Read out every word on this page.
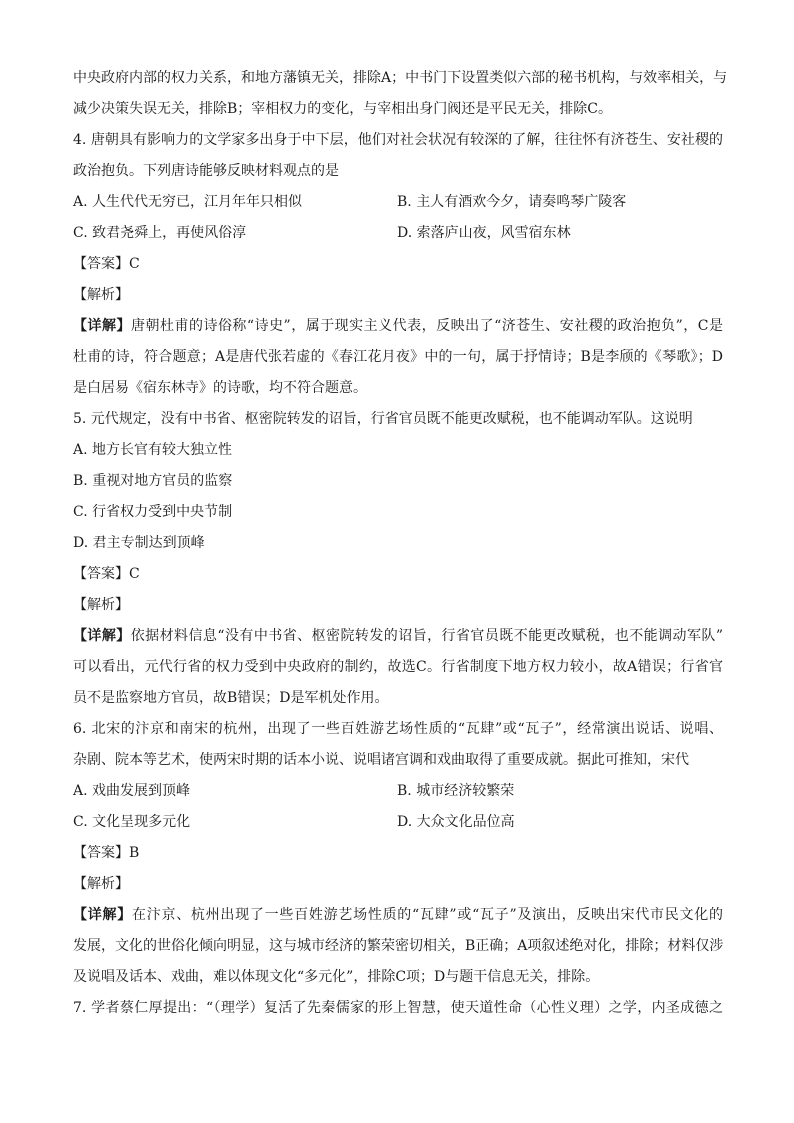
中央政府内部的权力关系，和地方藩镇无关，排除A；中书门下设置类似六部的秘书机构，与效率相关，与
减少决策失误无关，排除B；宰相权力的变化，与宰相出身门阀还是平民无关，排除C。
4. 唐朝具有影响力的文学家多出身于中下层，他们对社会状况有较深的了解，往往怀有济苍生、安社稷的
政治抱负。下列唐诗能够反映材料观点的是
A. 人生代代无穷已，江月年年只相似	B. 主人有酒欢今夕，请奏鸣琴广陵客
C. 致君尧舜上，再使风俗淳	D. 索落庐山夜，风雪宿东林
【答案】C
【解析】
【详解】唐朝杜甫的诗俗称“诗史”，属于现实主义代表，反映出了“济苍生、安社稷的政治抱负”，C是
杜甫的诗，符合题意；A是唐代张若虚的《春江花月夜》中的一句，属于抒情诗；B是李颀的《琴歌》；D
是白居易《宿东林寺》的诗歌，均不符合题意。
5. 元代规定，没有中书省、枢密院转发的诏旨，行省官员既不能更改赋税，也不能调动军队。这说明
A. 地方长官有较大独立性
B. 重视对地方官员的监察
C. 行省权力受到中央节制
D. 君主专制达到顶峰
【答案】C
【解析】
【详解】依据材料信息“没有中书省、枢密院转发的诏旨，行省官员既不能更改赋税，也不能调动军队”
可以看出，元代行省的权力受到中央政府的制约，故选C。行省制度下地方权力较小，故A错误；行省官
员不是监察地方官员，故B错误；D是军机处作用。
6. 北宋的汴京和南宋的杭州，出现了一些百姓游艺场性质的“瓦肆”或“瓦子”，经常演出说话、说唱、
杂剧、院本等艺术，使两宋时期的话本小说、说唱诸宫调和戏曲取得了重要成就。据此可推知，宋代
A. 戏曲发展到顶峰	B. 城市经济较繁荣
C. 文化呈现多元化	D. 大众文化品位高
【答案】B
【解析】
【详解】在汴京、杭州出现了一些百姓游艺场性质的“瓦肆”或“瓦子”及演出，反映出宋代市民文化的
发展，文化的世俗化倾向明显，这与城市经济的繁荣密切相关，B正确；A项叙述绝对化，排除；材料仅涉
及说唱及话本、戏曲，难以体现文化“多元化”，排除C项；D与题干信息无关，排除。
7. 学者蔡仁厚提出：“（理学）复活了先秦儒家的形上智慧，使天道性命（心性义理）之学，内圣成德之
